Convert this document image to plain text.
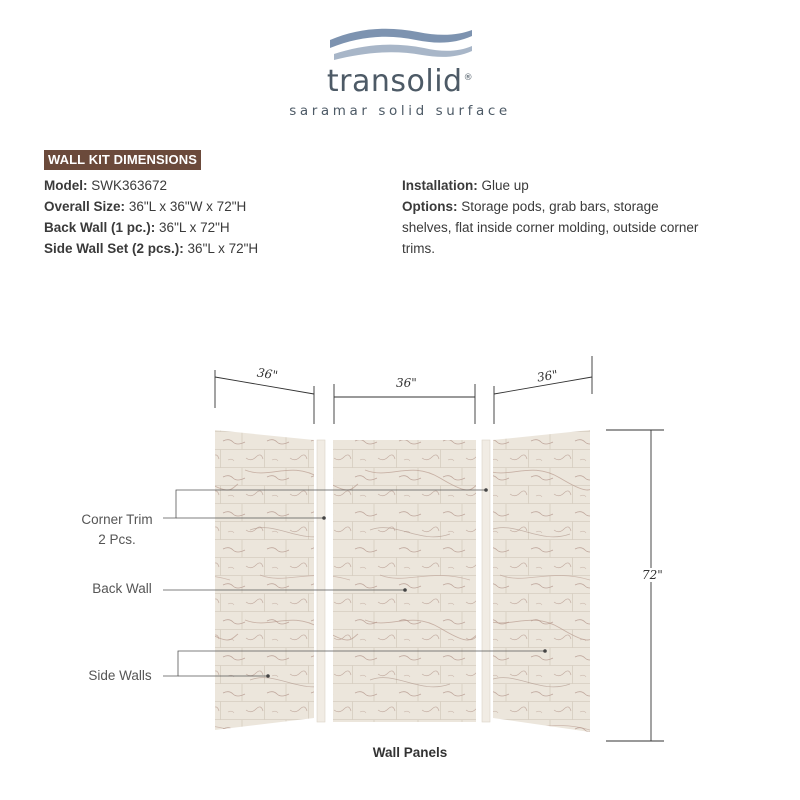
transolid®
saramar solid surface
WALL KIT DIMENSIONS
Model: SWK363672
Overall Size: 36"L x 36"W x 72"H
Back Wall (1 pc.): 36"L x 72"H
Side Wall Set (2 pcs.): 36"L x 72"H
Installation: Glue up
Options: Storage pods, grab bars, storage shelves, flat inside corner molding, outside corner trims.
36"
36"	36"
72"
Corner Trim
2 Pcs.
Back Wall
Side Walls
Wall Panels
